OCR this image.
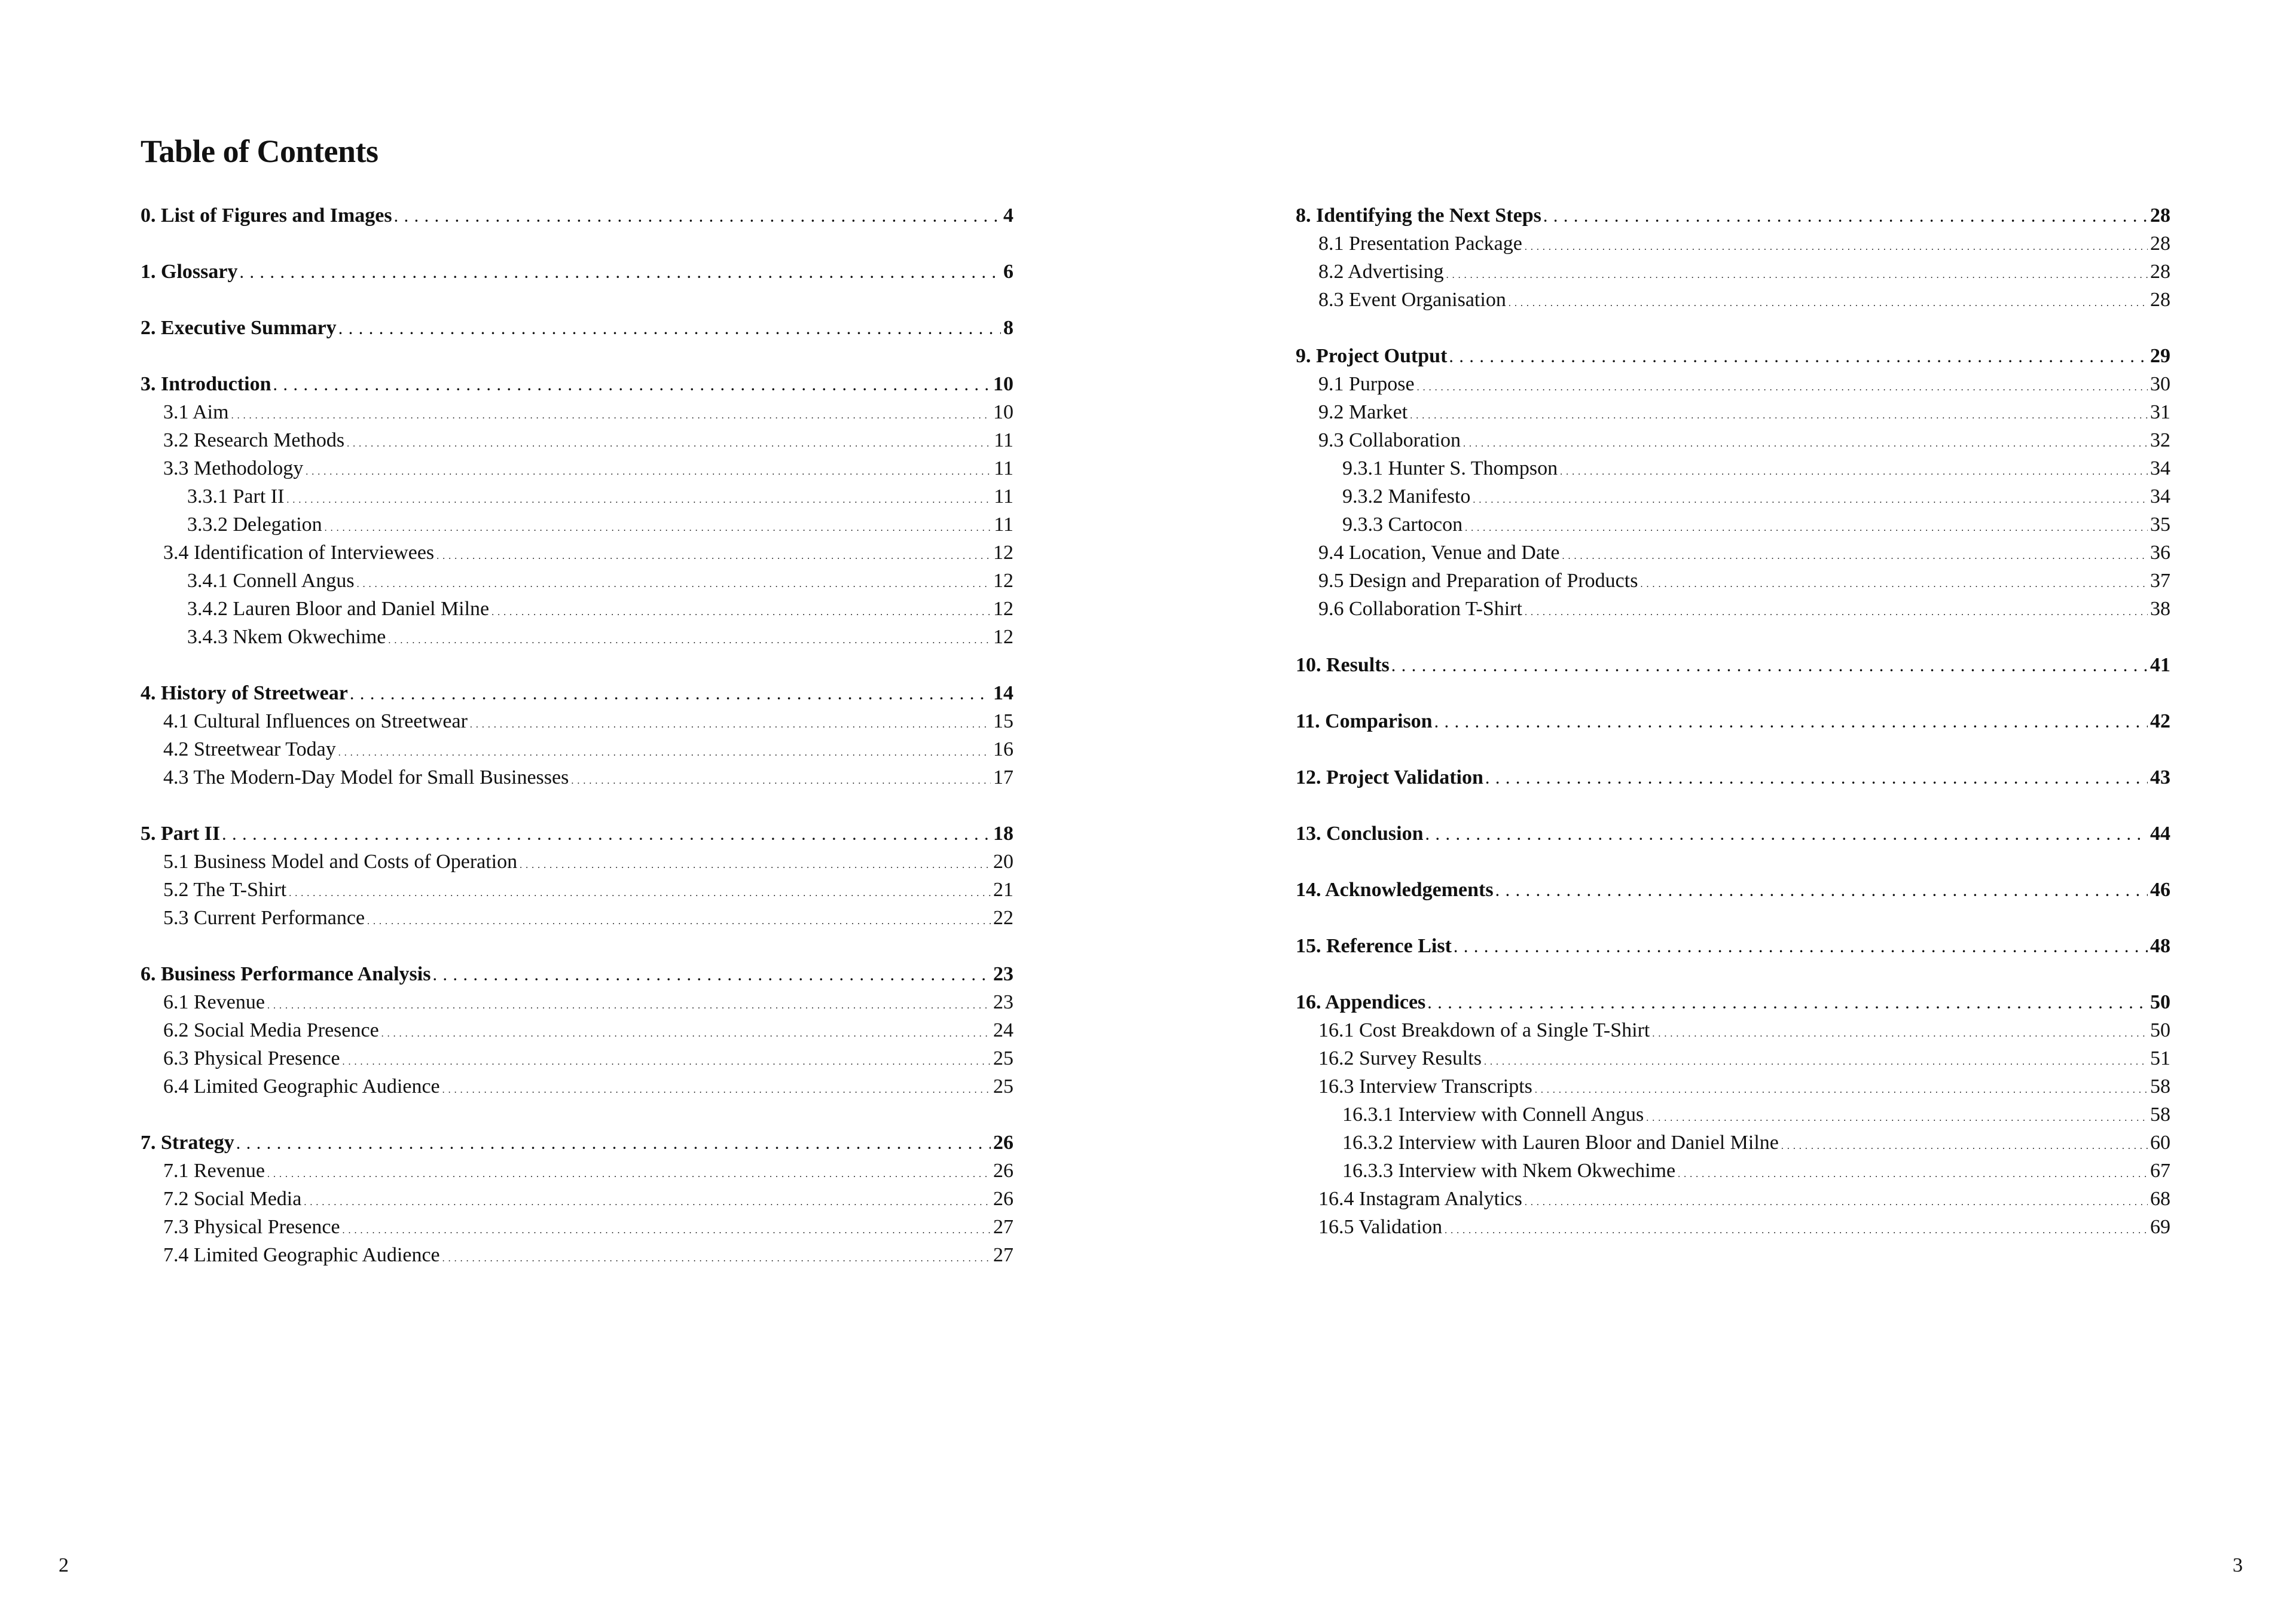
Table of Contents
0. List of Figures and Images . . .	4
1. Glossary . . .	6
2. Executive Summary . . .	8
3. Introduction . . .	10
3.1 Aim . . .	10
3.2 Research Methods . . .	11
3.3 Methodology . . .	11
3.3.1 Part II . . .	11
3.3.2 Delegation . . .	11
3.4 Identification of Interviewees . . .	12
3.4.1 Connell Angus . . .	12
3.4.2 Lauren Bloor and Daniel Milne . . .	12
3.4.3 Nkem Okwechime . . .	12
4. History of Streetwear . . .	14
4.1 Cultural Influences on Streetwear . . .	15
4.2 Streetwear Today . . .	16
4.3 The Modern-Day Model for Small Businesses . . .	17
5. Part II . . .	18
5.1 Business Model and Costs of Operation . . .	20
5.2 The T-Shirt . . .	21
5.3 Current Performance . . .	22
6. Business Performance Analysis . . .	23
6.1 Revenue . . .	23
6.2 Social Media Presence . . .	24
6.3 Physical Presence . . .	25
6.4 Limited Geographic Audience . . .	25
7. Strategy . . .	26
7.1 Revenue . . .	26
7.2 Social Media . . .	26
7.3 Physical Presence . . .	27
7.4 Limited Geographic Audience . . .	27
8. Identifying the Next Steps . . .	28
8.1 Presentation Package . . .	28
8.2 Advertising . . .	28
8.3 Event Organisation . . .	28
9. Project Output . . .	29
9.1 Purpose . . .	30
9.2 Market . . .	31
9.3 Collaboration . . .	32
9.3.1 Hunter S. Thompson . . .	34
9.3.2 Manifesto . . .	34
9.3.3 Cartocon . . .	35
9.4 Location, Venue and Date . . .	36
9.5 Design and Preparation of Products . . .	37
9.6 Collaboration T-Shirt . . .	38
10. Results . . .	41
11. Comparison . . .	42
12. Project Validation . . .	43
13. Conclusion . . .	44
14. Acknowledgements . . .	46
15. Reference List . . .	48
16. Appendices . . .	50
16.1 Cost Breakdown of a Single T-Shirt . . .	50
16.2 Survey Results . . .	51
16.3 Interview Transcripts . . .	58
16.3.1 Interview with Connell Angus . . .	58
16.3.2 Interview with Lauren Bloor and Daniel Milne . . .	60
16.3.3 Interview with Nkem Okwechime . . .	67
16.4 Instagram Analytics . . .	68
16.5 Validation . . .	69
2	3
